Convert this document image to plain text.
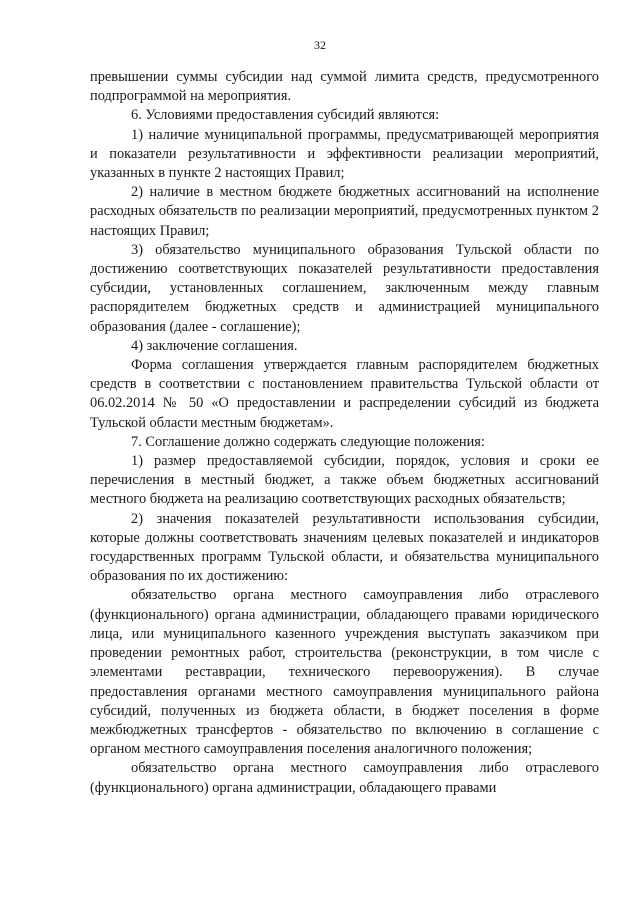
32

превышении суммы субсидии над суммой лимита средств, предусмотренного подпрограммой на мероприятия.

6. Условиями предоставления субсидий являются:

1) наличие муниципальной программы, предусматривающей мероприятия и показатели результативности и эффективности реализации мероприятий, указанных в пункте 2 настоящих Правил;

2) наличие в местном бюджете бюджетных ассигнований на исполнение расходных обязательств по реализации мероприятий, предусмотренных пунктом 2 настоящих Правил;

3) обязательство муниципального образования Тульской области по достижению соответствующих показателей результативности предоставления субсидии, установленных соглашением, заключенным между главным распорядителем бюджетных средств и администрацией муниципального образования (далее - соглашение);

4) заключение соглашения.

Форма соглашения утверждается главным распорядителем бюджетных средств в соответствии с постановлением правительства Тульской области от 06.02.2014 № 50 «О предоставлении и распределении субсидий из бюджета Тульской области местным бюджетам».

7. Соглашение должно содержать следующие положения:

1) размер предоставляемой субсидии, порядок, условия и сроки ее перечисления в местный бюджет, а также объем бюджетных ассигнований местного бюджета на реализацию соответствующих расходных обязательств;

2) значения показателей результативности использования субсидии, которые должны соответствовать значениям целевых показателей и индикаторов государственных программ Тульской области, и обязательства муниципального образования по их достижению:

обязательство органа местного самоуправления либо отраслевого (функционального) органа администрации, обладающего правами юридического лица, или муниципального казенного учреждения выступать заказчиком при проведении ремонтных работ, строительства (реконструкции, в том числе с элементами реставрации, технического перевооружения). В случае предоставления органами местного самоуправления муниципального района субсидий, полученных из бюджета области, в бюджет поселения в форме межбюджетных трансфертов - обязательство по включению в соглашение с органом местного самоуправления поселения аналогичного положения;

обязательство органа местного самоуправления либо отраслевого (функционального) органа администрации, обладающего правами
